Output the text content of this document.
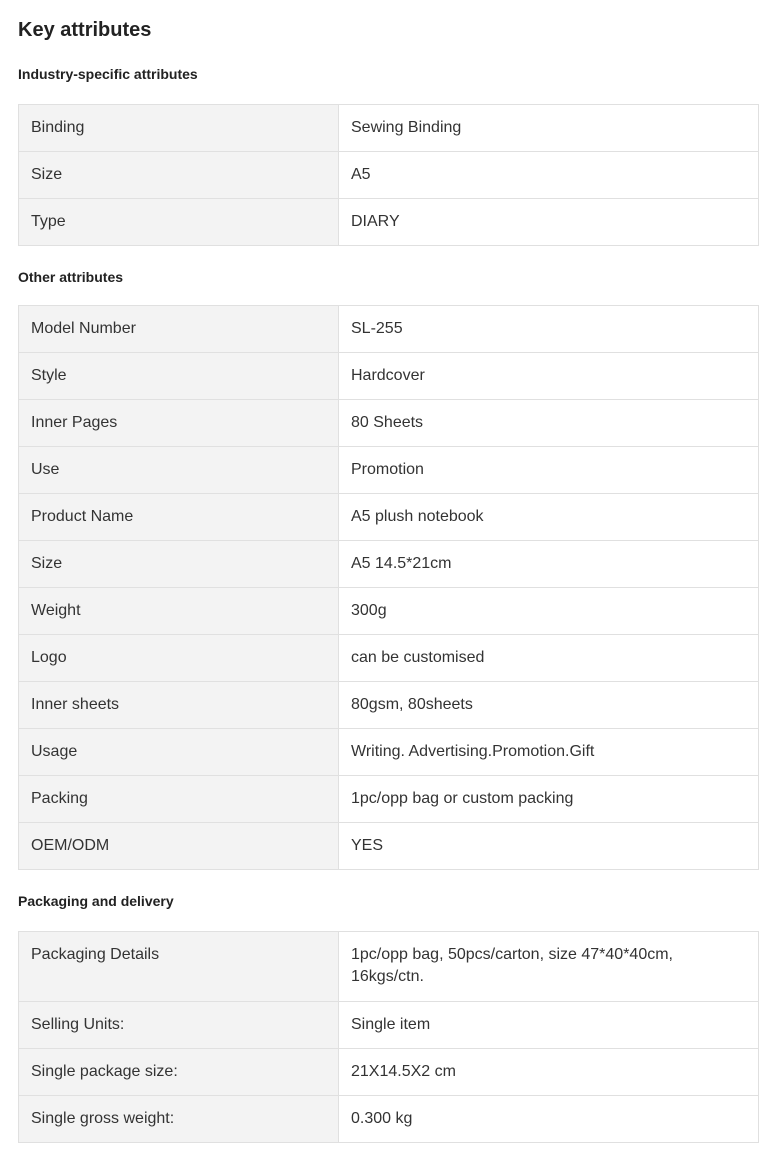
Key attributes
Industry-specific attributes
Binding	Sewing Binding
Size	A5
Type	DIARY
Other attributes
Model Number	SL-255
Style	Hardcover
Inner Pages	80 Sheets
Use	Promotion
Product Name	A5 plush notebook
Size	A5 14.5*21cm
Weight	300g
Logo	can be customised
Inner sheets	80gsm, 80sheets
Usage	Writing. Advertising.Promotion.Gift
Packing	1pc/opp bag or custom packing
OEM/ODM	YES
Packaging and delivery
Packaging Details	1pc/opp bag, 50pcs/carton, size 47*40*40cm, 16kgs/ctn.
Selling Units:	Single item
Single package size:	21X14.5X2 cm
Single gross weight:	0.300 kg
